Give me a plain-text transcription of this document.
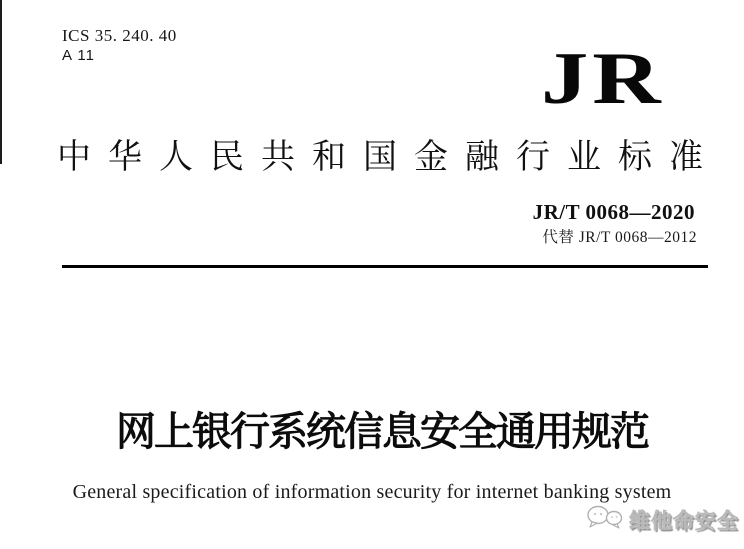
ICS 35. 240. 40
A 11	JR
中 华 人 民 共 和 国 金 融 行 业 标 准
JR/T 0068—2020
代替 JR/T 0068—2012
网上银行系统信息安全通用规范
General specification of information security for internet banking system
维他命安全
